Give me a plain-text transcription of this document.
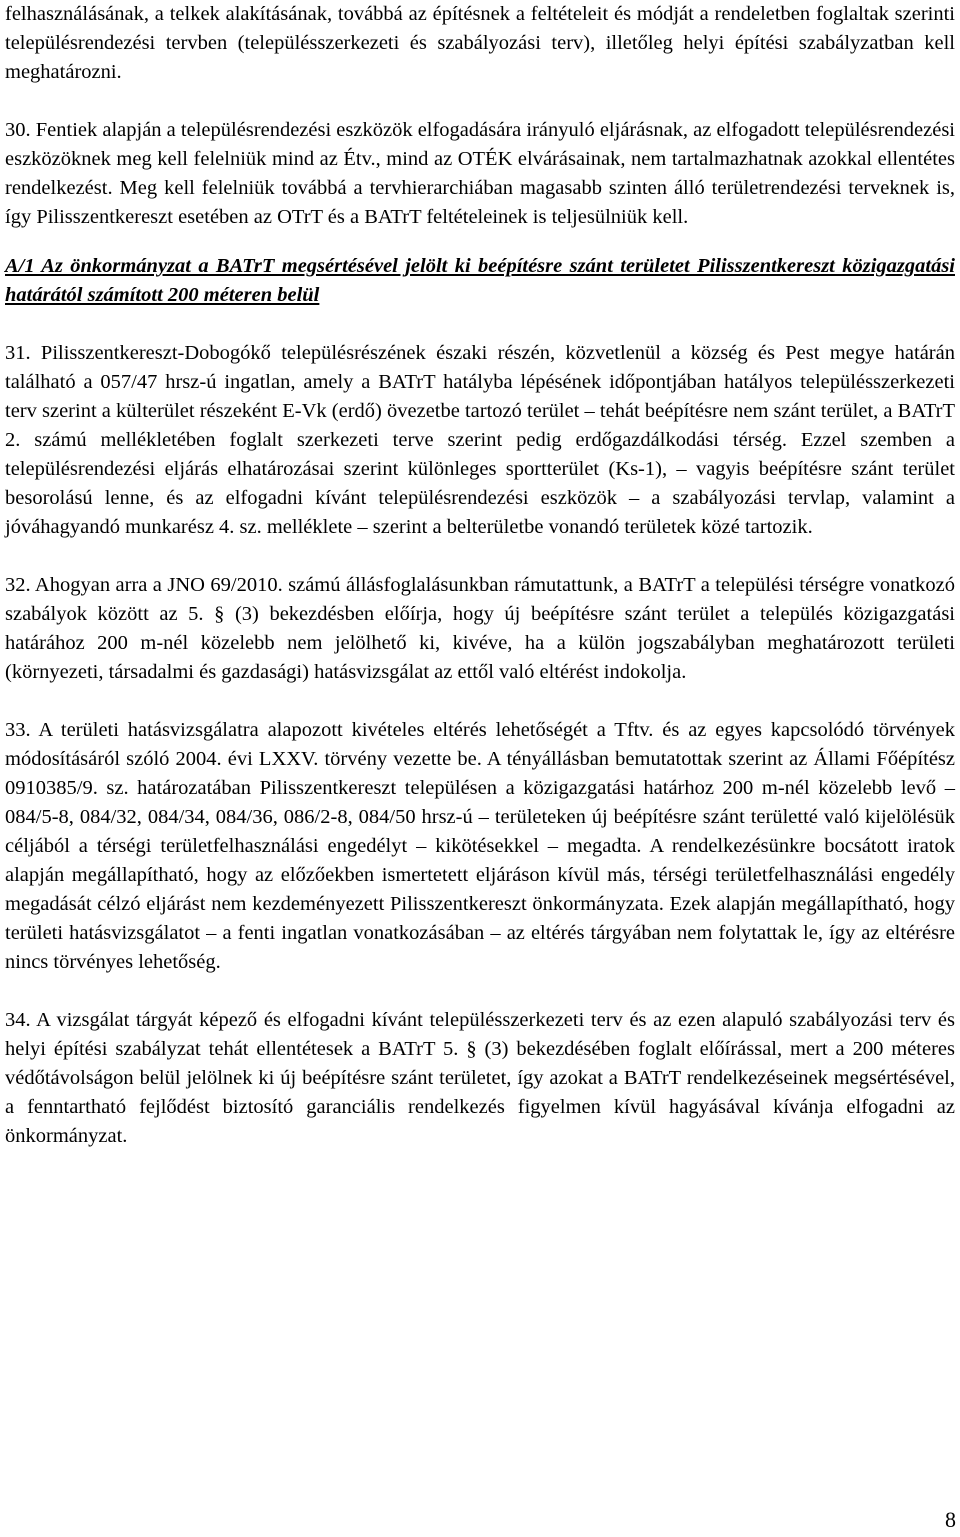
felhasználásának, a telkek alakításának, továbbá az építésnek a feltételeit és módját a rendeletben foglaltak szerinti településrendezési tervben (településszerkezeti és szabályozási terv), illetőleg helyi építési szabályzatban kell meghatározni.

30. Fentiek alapján a településrendezési eszközök elfogadására irányuló eljárásnak, az elfogadott településrendezési eszközöknek meg kell felelniük mind az Étv., mind az OTÉK elvárásainak, nem tartalmazhatnak azokkal ellentétes rendelkezést. Meg kell felelniük továbbá a tervhierarchiában magasabb szinten álló területrendezési terveknek is, így Pilisszentkereszt esetében az OTrT és a BATrT feltételeinek is teljesülniük kell.

A/1 Az önkormányzat a BATrT megsértésével jelölt ki beépítésre szánt területet Pilisszentkereszt közigazgatási határától számított 200 méteren belül

31. Pilisszentkereszt-Dobogókő településrészének északi részén, közvetlenül a község és Pest megye határán található a 057/47 hrsz-ú ingatlan, amely a BATrT hatályba lépésének időpontjában hatályos településszerkezeti terv szerint a külterület részeként E-Vk (erdő) övezetbe tartozó terület – tehát beépítésre nem szánt terület, a BATrT 2. számú mellékletében foglalt szerkezeti terve szerint pedig erdőgazdálkodási térség. Ezzel szemben a településrendezési eljárás elhatározásai szerint különleges sportterület (Ks-1), – vagyis beépítésre szánt terület besorolású lenne, és az elfogadni kívánt településrendezési eszközök – a szabályozási tervlap, valamint a jóváhagyandó munkarész 4. sz. melléklete – szerint a belterületbe vonandó területek közé tartozik.

32. Ahogyan arra a JNO 69/2010. számú állásfoglalásunkban rámutattunk, a BATrT a települési térségre vonatkozó szabályok között az 5. § (3) bekezdésben előírja, hogy új beépítésre szánt terület a település közigazgatási határához 200 m-nél közelebb nem jelölhető ki, kivéve, ha a külön jogszabályban meghatározott területi (környezeti, társadalmi és gazdasági) hatásvizsgálat az ettől való eltérést indokolja.

33. A területi hatásvizsgálatra alapozott kivételes eltérés lehetőségét a Tftv. és az egyes kapcsolódó törvények módosításáról szóló 2004. évi LXXV. törvény vezette be. A tényállásban bemutatottak szerint az Állami Főépítész 0910385/9. sz. határozatában Pilisszentkereszt településen a közigazgatási határhoz 200 m-nél közelebb levő – 084/5-8, 084/32, 084/34, 084/36, 086/2-8, 084/50 hrsz-ú – területeken új beépítésre szánt területté való kijelölésük céljából a térségi területfelhasználási engedélyt – kikötésekkel – megadta. A rendelkezésünkre bocsátott iratok alapján megállapítható, hogy az előzőekben ismertetett eljáráson kívül más, térségi területfelhasználási engedély megadását célzó eljárást nem kezdeményezett Pilisszentkereszt önkormányzata. Ezek alapján megállapítható, hogy területi hatásvizsgálatot – a fenti ingatlan vonatkozásában – az eltérés tárgyában nem folytattak le, így az eltérésre nincs törvényes lehetőség.

34. A vizsgálat tárgyát képező és elfogadni kívánt településszerkezeti terv és az ezen alapuló szabályozási terv és helyi építési szabályzat tehát ellentétesek a BATrT 5. § (3) bekezdésében foglalt előírással, mert a 200 méteres védőtávolságon belül jelölnek ki új beépítésre szánt területet, így azokat a BATrT rendelkezéseinek megsértésével, a fenntartható fejlődést biztosító garanciális rendelkezés figyelmen kívül hagyásával kívánja elfogadni az önkormányzat.

8
